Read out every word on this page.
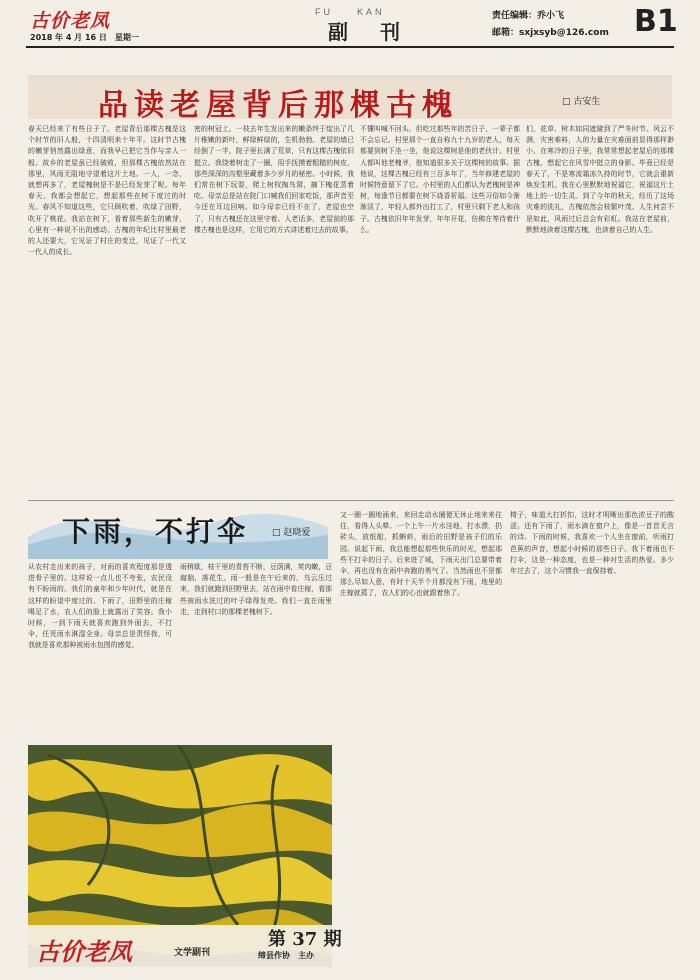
古价老凤
2018 年 4 月 16 日　星期一
FU　　KAN
副　刊
责任编辑：乔小飞
邮箱：sxjxsyb@126.com B1
品读老屋背后那棵古槐	□ 古安生
春天已经来了有些日子了。老屋背后那棵古槐是这个时节的旧人般，十四清明来十年平。这时节古槐的嫩芽悄然露出绿意，而我早已把它当作与亲人一般。故乡的老屋虽已经破败，但那棵古槐依然站在那里，风雨无阻地守望着这片土地。一人，一念，就想再多了，老屋槐树是不是已经发芽了呢。每年春天，我都会想起它，想起那些在树下度过的时光。春风不知道这些，它只顾吹着，吹绿了田野，吹开了桃花。我站在树下，看着那些新生的嫩芽，心里有一种说不出的感动。古槐的年纪比村里最老的人还要大，它见证了村庄的变迁，见证了一代又一代人的成长。
密的树冠上。一枝去年生发出来的嫩条终于绽出了几片稚嫩的新叶，鲜绿鲜绿的，生机勃勃。老屋的墙已经倒了一半，院子里长满了荒草，只有这棵古槐依旧挺立。我绕着树走了一圈，用手抚摸着粗糙的树皮，那些深深的沟壑里藏着多少岁月的秘密。小时候，我们常在树下玩耍，爬上树杈掏鸟窝，摘下槐花蒸着吃。母亲总是站在院门口喊我们回家吃饭，那声音至今还在耳边回响。如今母亲已经不在了，老屋也空了，只有古槐还在这里守着。人老话多，老屋前的那棵古槐也是这样，它用它的方式讲述着过去的故事。
不懂叫喊不回头。但吃过那些年的苦日子，一辈子都不会忘记。村里那个一直自称九十九岁的老人，每天都要到树下坐一坐，他说这棵树是他的老伙计。村里人都叫他老槐爷，他知道很多关于这棵树的故事。据他说，这棵古槐已经有三百多年了，当年修建老屋的时候特意留下了它。小村里的人们都认为老槐树是神树，每逢节日都要在树下烧香祈福。这些习俗如今渐渐淡了，年轻人都外出打工了，村里只剩下老人和孩子。古槐依旧年年发芽，年年开花，仿佛在等待着什么。
们，花草、树木如同遮避到了严冬时节。风云不测，灾害难料，人的力量在灾难面前显得那样渺小。在寒冷的日子里，我常常想起老屋后的那棵古槐，想起它在风雪中挺立的身影。毕竟已经是春天了，不是寒流霜冻久持的时节，它就会重新焕发生机。我在心里默默地祝福它，祝福这片土地上的一切生灵。到了今年的秋天，经历了这场灾难的洗礼，古槐依然会枝繁叶茂。人生何尝不是如此，风雨过后总会有彩虹。我站在老屋前，默默地读着这棵古槐，也读着自己的人生。
下雨，不打伞	□ 赵晓爱
从农村走出来的孩子，对雨的喜欢程度那是透进骨子里的。这样说一点儿也不夸张，农民没有不盼雨的。我们的童年和少年时代，就是在这样的盼望中度过的。下雨了，田野里的庄稼喝足了水，农人们的脸上就露出了笑容。我小时候，一到下雨天就喜欢跑到外面去，不打伞，任凭雨水淋湿全身。母亲总是责怪我，可我就是喜欢那种被雨水包围的感觉。
雨稍歇，枝干里的青苔不断，豆荫满，荚肉嫩，豆腐脑，落花生。雨一般是在午后来的，乌云压过来，我们就跑到田野里去，站在雨中看庄稼，看那些被雨水洗过的叶子绿得发亮。我们一直在雨里走，走到村口的那棵老槐树下。
又一圈一圈地涌来，来回走动水圈便无休止地来来往往，看得人头晕。一个上午一片水洼地，打水漂，扔砖头，放纸船，抓蝌蚪，雨后的田野是孩子们的乐园。说起下雨，我总能想起那些快乐的时光，想起那些不打伞的日子。后来进了城，下雨天出门总要带着伞，再也没有在雨中奔跑的勇气了。当然雨也不是都那么尽如人意，有时十天半个月都没有下雨，地里的庄稼就蔫了，农人们的心也就跟着焦了。
椅子，味道大打折扣，这时才明晰出那色浓豆子的酸涩。还有下雨了，雨水滴在窗户上，像是一首首无言的诗。下雨的时候，我喜欢一个人坐在窗前，听雨打芭蕉的声音，想起小时候的那些日子。我下着雨也不打伞，这是一种态度，也是一种对生活的热爱。多少年过去了，这个习惯我一直保持着。
古价老凤	文学副刊
第 37 期
缔县作协　主办
